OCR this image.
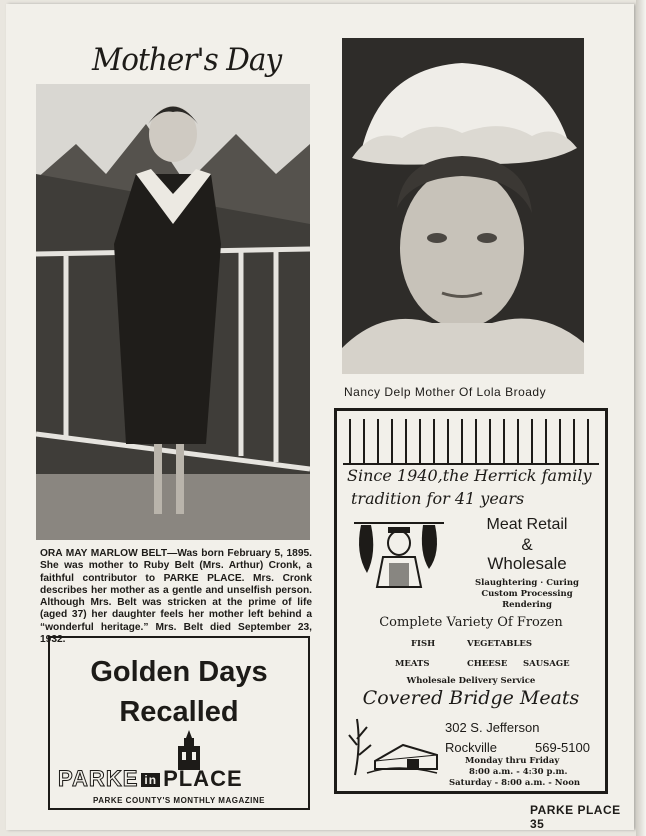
Mother's Day
Nancy Delp Mother Of Lola Broady
ORA MAY MARLOW BELT—Was born February 5, 1895. She was mother to Ruby Belt (Mrs. Arthur) Cronk, a faithful contributor to PARKE PLACE. Mrs. Cronk describes her mother as a gentle and unselfish person. Although Mrs. Belt was stricken at the prime of life (aged 37) her daughter feels her mother left behind a “wonderful heritage.” Mrs. Belt died September 23, 1932.
Golden Days
Recalled
PARKE in PLACE
PARKE COUNTY'S MONTHLY MAGAZINE
Since 1940,the Herrick family
tradition for 41 years
Meat Retail
&
Wholesale
Slaughtering · Curing
Custom Processing
Rendering
Complete Variety Of Frozen
FISH	VEGETABLES
MEATS	CHEESE SAUSAGE
Wholesale Delivery Service
Covered Bridge Meats
302 S. Jefferson
Rockville	569-5100
Monday thru Friday
8:00 a.m. - 4:30 p.m.
Saturday - 8:00 a.m. - Noon
PARKE PLACE 35
